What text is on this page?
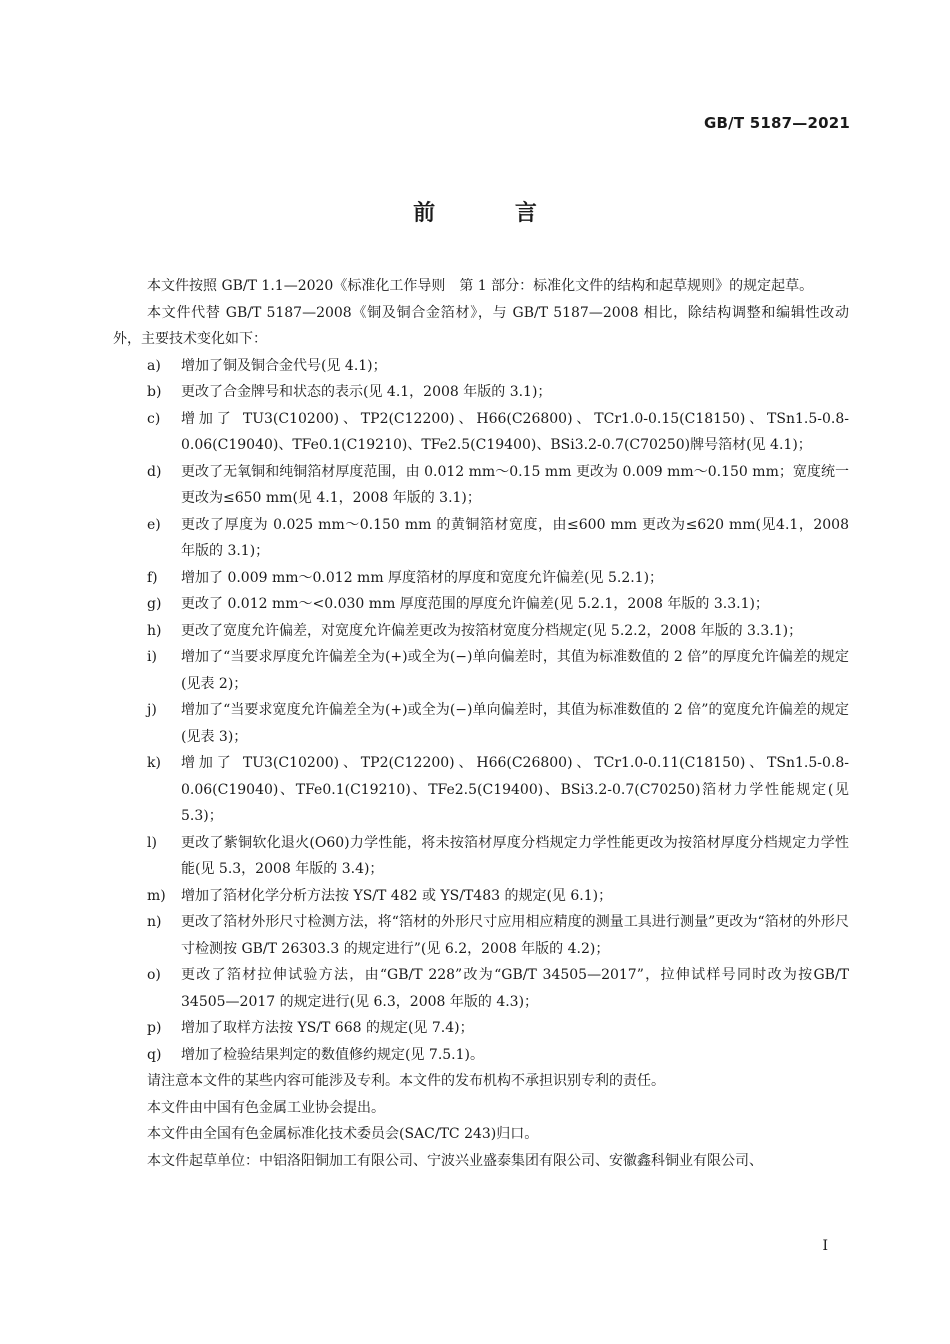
GB/T 5187—2021
前 言

本文件按照 GB/T 1.1—2020《标准化工作导则　第 1 部分：标准化文件的结构和起草规则》的规定起草。

本文件代替 GB/T 5187—2008《铜及铜合金箔材》，与 GB/T 5187—2008 相比，除结构调整和编辑性改动外，主要技术变化如下：

a) 增加了铜及铜合金代号(见 4.1)；
b) 更改了合金牌号和状态的表示(见 4.1，2008 年版的 3.1)；
c) 增加了 TU3(C10200)、TP2(C12200)、H66(C26800)、TCr1.0-0.15(C18150)、TSn1.5-0.8-0.06(C19040)、TFe0.1(C19210)、TFe2.5(C19400)、BSi3.2-0.7(C70250)牌号箔材(见 4.1)；
d) 更改了无氧铜和纯铜箔材厚度范围，由 0.012 mm～0.15 mm 更改为 0.009 mm～0.150 mm；宽度统一更改为≤650 mm(见 4.1，2008 年版的 3.1)；
e) 更改了厚度为 0.025 mm～0.150 mm 的黄铜箔材宽度，由≤600 mm 更改为≤620 mm(见4.1，2008 年版的 3.1)；
f) 增加了 0.009 mm～0.012 mm 厚度箔材的厚度和宽度允许偏差(见 5.2.1)；
g) 更改了 0.012 mm～<0.030 mm 厚度范围的厚度允许偏差(见 5.2.1，2008 年版的 3.3.1)；
h) 更改了宽度允许偏差，对宽度允许偏差更改为按箔材宽度分档规定(见 5.2.2，2008 年版的 3.3.1)；
i) 增加了“当要求厚度允许偏差全为(+)或全为(−)单向偏差时，其值为标准数值的 2 倍”的厚度允许偏差的规定(见表 2)；
j) 增加了“当要求宽度允许偏差全为(+)或全为(−)单向偏差时，其值为标准数值的 2 倍”的宽度允许偏差的规定(见表 3)；
k) 增加了 TU3(C10200)、TP2(C12200)、H66(C26800)、TCr1.0-0.11(C18150)、TSn1.5-0.8-0.06(C19040)、TFe0.1(C19210)、TFe2.5(C19400)、BSi3.2-0.7(C70250)箔材力学性能规定(见5.3)；
l) 更改了紫铜软化退火(O60)力学性能，将未按箔材厚度分档规定力学性能更改为按箔材厚度分档规定力学性能(见 5.3，2008 年版的 3.4)；
m) 增加了箔材化学分析方法按 YS/T 482 或 YS/T483 的规定(见 6.1)；
n) 更改了箔材外形尺寸检测方法，将“箔材的外形尺寸应用相应精度的测量工具进行测量”更改为“箔材的外形尺寸检测按 GB/T 26303.3 的规定进行”(见 6.2，2008 年版的 4.2)；
o) 更改了箔材拉伸试验方法，由“GB/T 228”改为“GB/T 34505—2017”，拉伸试样号同时改为按GB/T 34505—2017 的规定进行(见 6.3，2008 年版的 4.3)；
p) 增加了取样方法按 YS/T 668 的规定(见 7.4)；
q) 增加了检验结果判定的数值修约规定(见 7.5.1)。

请注意本文件的某些内容可能涉及专利。本文件的发布机构不承担识别专利的责任。

本文件由中国有色金属工业协会提出。

本文件由全国有色金属标准化技术委员会(SAC/TC 243)归口。

本文件起草单位：中铝洛阳铜加工有限公司、宁波兴业盛泰集团有限公司、安徽鑫科铜业有限公司、

I
